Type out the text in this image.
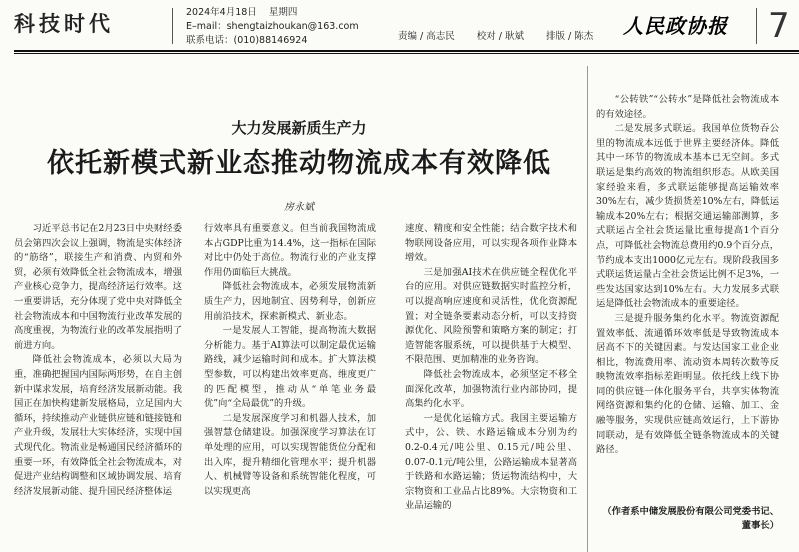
科技时代	2024年4月18日 星期四
E–mail：shengtaizhoukan@163.com
联系电话：(010)88146924	责编 / 高志民 校对 / 耿斌 排版 / 陈杰	人民政协报 7
大力发展新质生产力
依托新模式新业态推动物流成本有效降低
房永斌

习近平总书记在2月23日中央财经委员会第四次会议上强调，物流是实体经济的“筋络”，联接生产和消费、内贸和外贸，必须有效降低全社会物流成本，增强产业核心竞争力，提高经济运行效率。这一重要讲话，充分体现了党中央对降低全社会物流成本和中国物流行业改革发展的高度重视，为物流行业的改革发展指明了前进方向。

降低社会物流成本，必须以大局为重，准确把握国内国际两形势，在自主创新中谋求发展，培育经济发展新动能。我国正在加快构建新发展格局，立足国内大循环，持续推动产业链供应链和链接链和产业升级，发展壮大实体经济，实现中国式现代化。物流业是畅通国民经济循环的重要一环，有效降低全社会物流成本，对促进产业结构调整和区域协调发展、培育经济发展新动能、提升国民经济整体运

行效率具有重要意义。但当前我国物流成本占GDP比重为14.4%，这一指标在国际对比中仍处于高位。物流行业的产业支撑作用仍面临巨大挑战。

降低社会物流成本，必须发展物流新质生产力，因地制宜、因势利导，创新应用前沿技术，探索新模式、新业态。

一是发展人工智能，提高物流大数据分析能力。基于AI算法可以制定最优运输路线，减少运输时间和成本。扩大算法模型参数，可以构建出效率更高、维度更广的匹配模型，推动从“单笔业务最优”向“全局最优”的升级。

二是发展深度学习和机器人技术，加强智慧仓储建设。加强深度学习算法在订单处理的应用，可以实现智能货位分配和出入库，提升精细化管理水平；提升机器人、机械臂等设备和系统智能化程度，可以实现更高

速度、精度和安全性能；结合数字技术和物联网设备应用，可以实现各项作业降本增效。

三是加强AI技术在供应链全程优化平台的应用。对供应链数据实时监控分析，可以提高响应速度和灵活性，优化资源配置；对全链条要素动态分析，可以支持资源优化、风险预警和策略方案的制定；打造智能客服系统，可以提供基于大模型、不限范围、更加精准的业务咨询。

降低社会物流成本，必须坚定不移全面深化改革，加强物流行业内部协同，提高集约化水平。

一是优化运输方式。我国主要运输方式中，公、铁、水路运输成本分别为约0.2-0.4元/吨公里、0.15元/吨公里、0.07-0.1元/吨公里，公路运输成本显著高于铁路和水路运输；货运物流结构中，大宗物资和工业品占比89%。大宗物资和工业品运输的

“公转铁”“公转水”是降低社会物流成本的有效途径。

二是发展多式联运。我国单位货物吞公里的物流成本远低于世界主要经济体。降低其中一环节的物流成本基本已无空间。多式联运是集约高效的物流组织形态。从欧美国家经验来看，多式联运能够提高运输效率30%左右，减少货损货差10%左右，降低运输成本20%左右；根据交通运输部测算，多式联运占全社会货运量比重每提高1个百分点，可降低社会物流总费用约0.9个百分点，节约成本支出1000亿元左右。现阶段我国多式联运货运量占全社会货运比例不足3%，一些发达国家达到10%左右。大力发展多式联运是降低社会物流成本的重要途径。

三是提升服务集约化水平。物流资源配置效率低、流通循环效率低是导致物流成本居高不下的关键因素。与发达国家工业企业相比，物流费用率、流动资本周转次数等反映物流效率指标差距明显。依托线上线下协同的供应链一体化服务平台，共享实体物流网络资源和集约化的仓储、运输、加工、金融等服务，实现供应链高效运行，上下游协同联动，是有效降低全链条物流成本的关键路径。

（作者系中储发展股份有限公司党委书记、董事长）
